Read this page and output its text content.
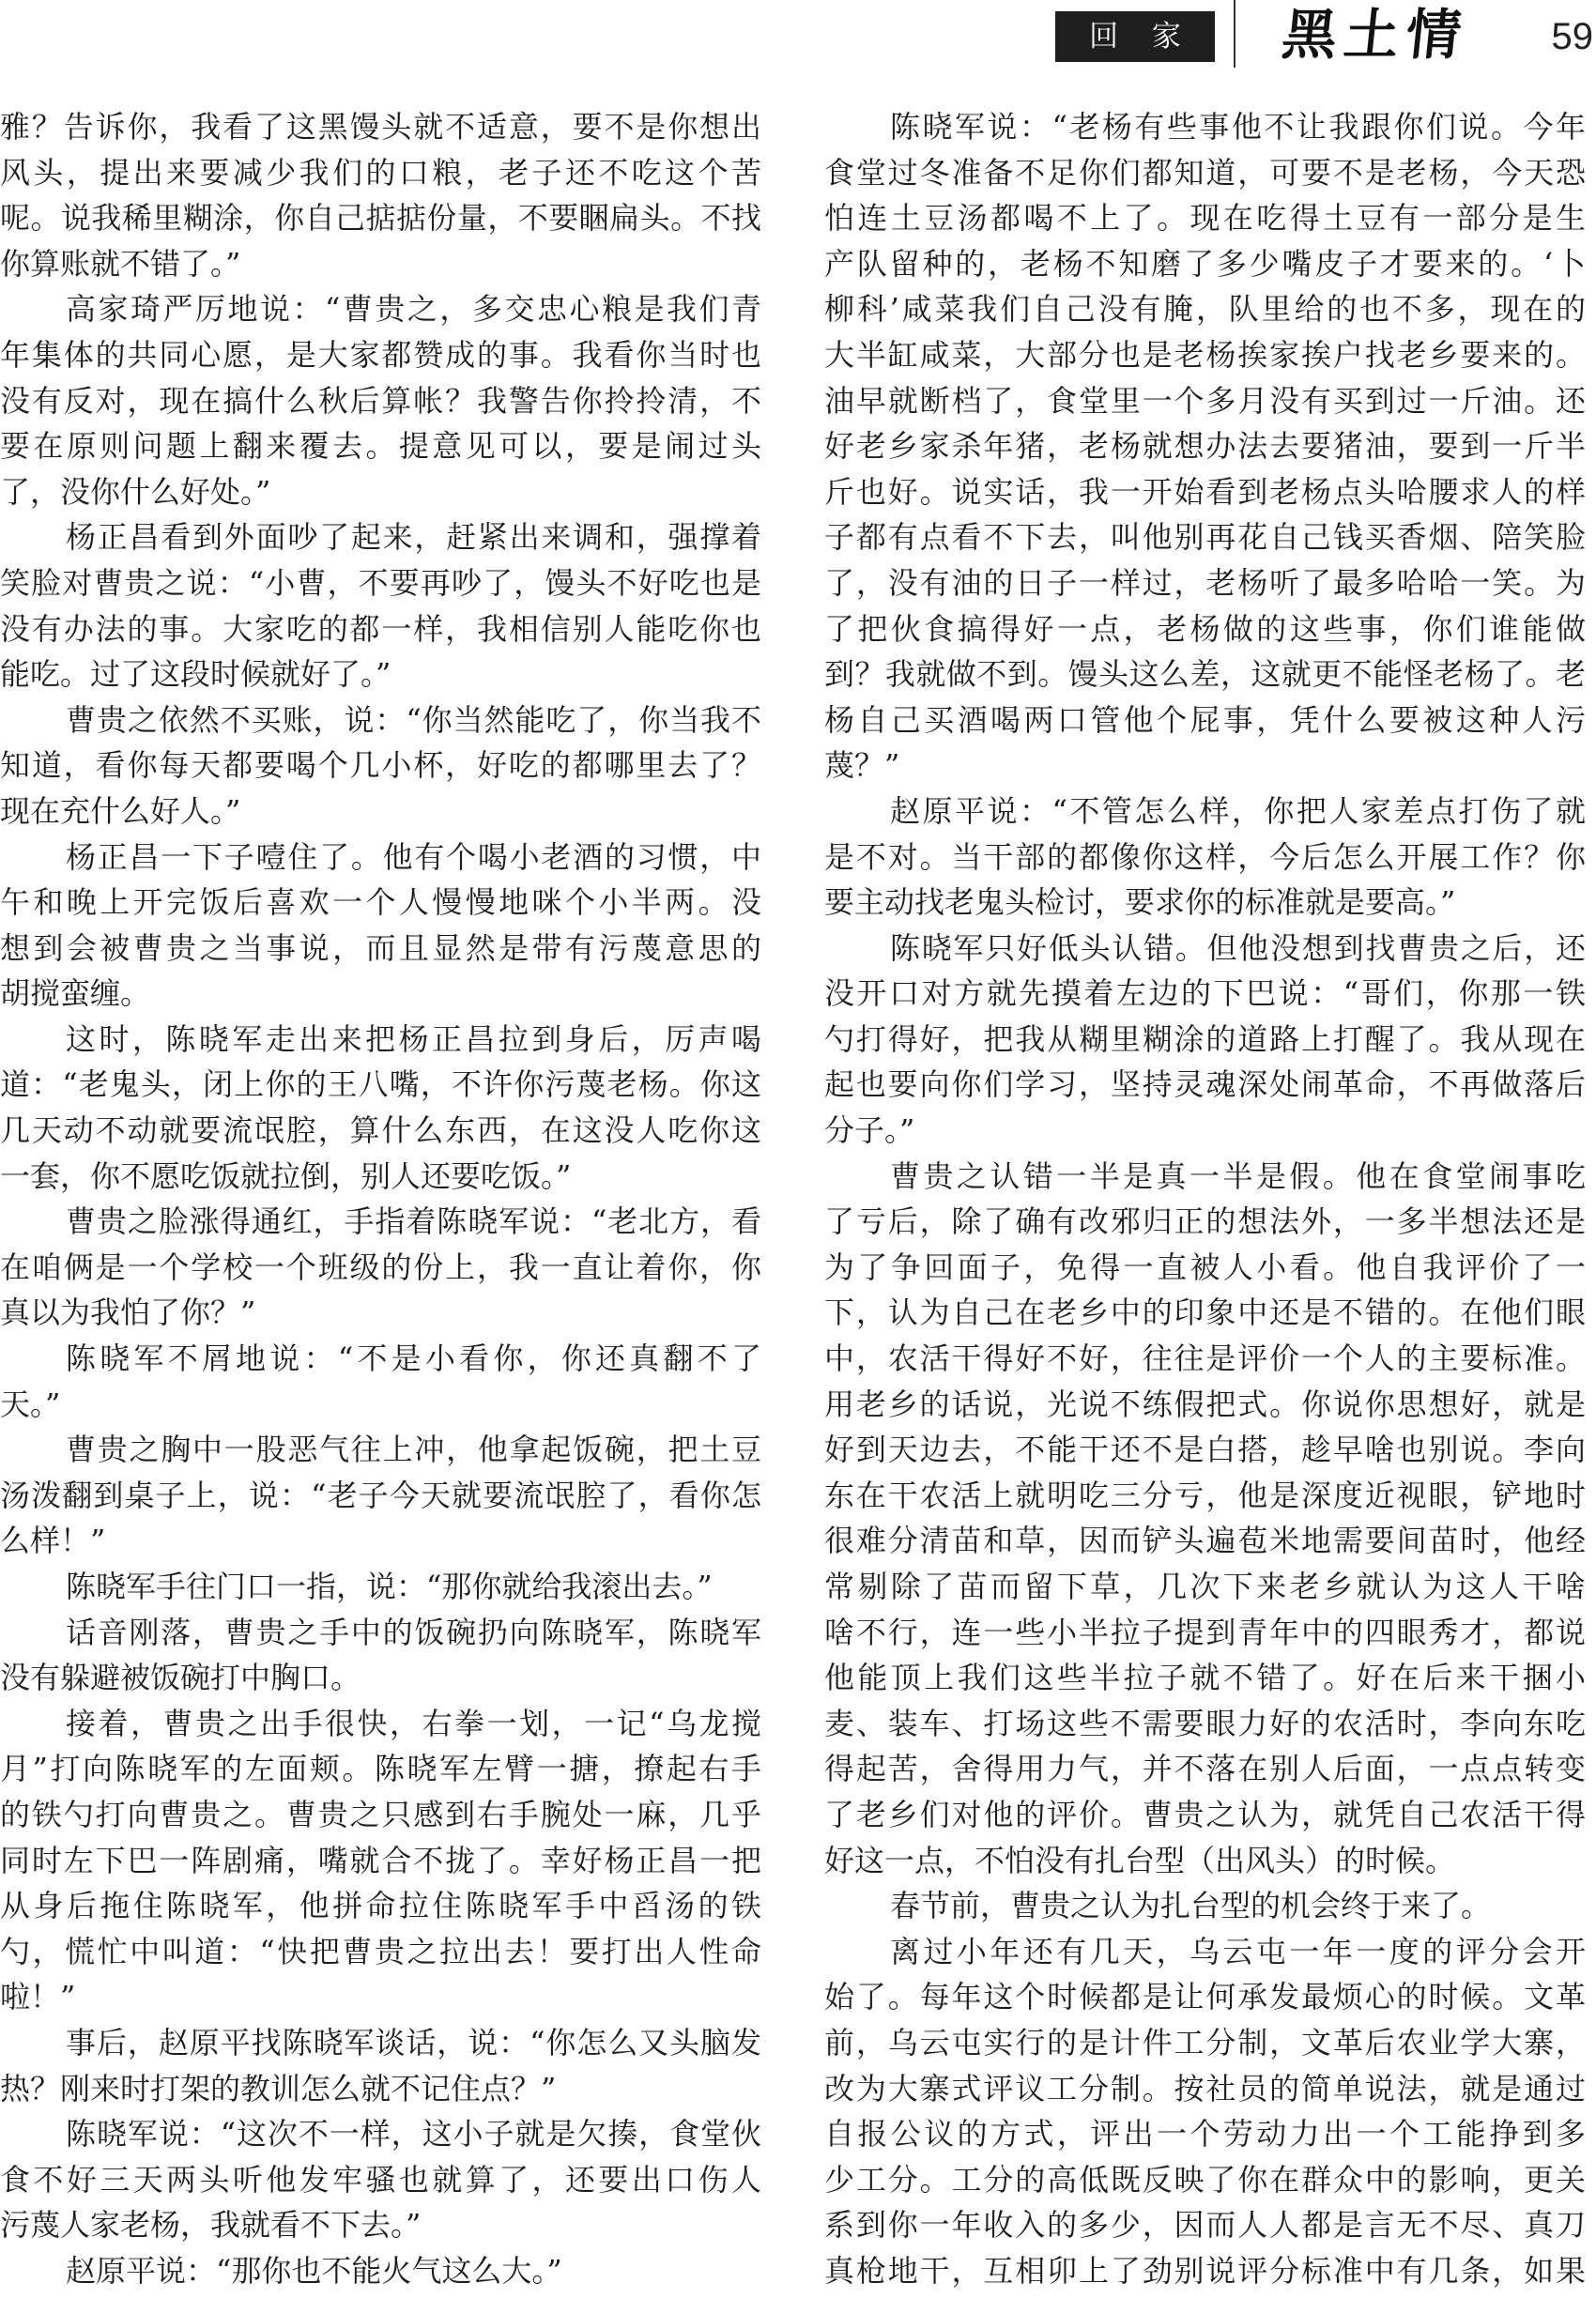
回 家	黑土情 59
雅？告诉你，我看了这黑馒头就不适意，要不是你想出
风头，提出来要减少我们的口粮，老子还不吃这个苦
呢。说我稀里糊涂，你自己掂掂份量，不要睏扁头。不找
你算账就不错了。”
高家琦严厉地说：“曹贵之，多交忠心粮是我们青
年集体的共同心愿，是大家都赞成的事。我看你当时也
没有反对，现在搞什么秋后算帐？我警告你拎拎清，不
要在原则问题上翻来覆去。提意见可以，要是闹过头
了，没你什么好处。”
杨正昌看到外面吵了起来，赶紧出来调和，强撑着
笑脸对曹贵之说：“小曹，不要再吵了，馒头不好吃也是
没有办法的事。大家吃的都一样，我相信别人能吃你也
能吃。过了这段时候就好了。”
曹贵之依然不买账，说：“你当然能吃了，你当我不
知道，看你每天都要喝个几小杯，好吃的都哪里去了？
现在充什么好人。”
杨正昌一下子噎住了。他有个喝小老酒的习惯，中
午和晚上开完饭后喜欢一个人慢慢地咪个小半两。没
想到会被曹贵之当事说，而且显然是带有污蔑意思的
胡搅蛮缠。
这时，陈晓军走出来把杨正昌拉到身后，厉声喝
道：“老鬼头，闭上你的王八嘴，不许你污蔑老杨。你这
几天动不动就要流氓腔，算什么东西，在这没人吃你这
一套，你不愿吃饭就拉倒，别人还要吃饭。”
曹贵之脸涨得通红，手指着陈晓军说：“老北方，看
在咱俩是一个学校一个班级的份上，我一直让着你，你
真以为我怕了你？”
陈晓军不屑地说：“不是小看你，你还真翻不了
天。”
曹贵之胸中一股恶气往上冲，他拿起饭碗，把土豆
汤泼翻到桌子上，说：“老子今天就要流氓腔了，看你怎
么样！”
陈晓军手往门口一指，说：“那你就给我滚出去。”
话音刚落，曹贵之手中的饭碗扔向陈晓军，陈晓军
没有躲避被饭碗打中胸口。
接着，曹贵之出手很快，右拳一划，一记“乌龙搅
月”打向陈晓军的左面颊。陈晓军左臂一搪，撩起右手
的铁勺打向曹贵之。曹贵之只感到右手腕处一麻，几乎
同时左下巴一阵剧痛，嘴就合不拢了。幸好杨正昌一把
从身后拖住陈晓军，他拼命拉住陈晓军手中舀汤的铁
勺，慌忙中叫道：“快把曹贵之拉出去！要打出人性命
啦！”
事后，赵原平找陈晓军谈话，说：“你怎么又头脑发
热？刚来时打架的教训怎么就不记住点？”
陈晓军说：“这次不一样，这小子就是欠揍，食堂伙
食不好三天两头听他发牢骚也就算了，还要出口伤人
污蔑人家老杨，我就看不下去。”
赵原平说：“那你也不能火气这么大。”
陈晓军说：“老杨有些事他不让我跟你们说。今年
食堂过冬准备不足你们都知道，可要不是老杨，今天恐
怕连土豆汤都喝不上了。现在吃得土豆有一部分是生
产队留种的，老杨不知磨了多少嘴皮子才要来的。‘卜
柳科’咸菜我们自己没有腌，队里给的也不多，现在的
大半缸咸菜，大部分也是老杨挨家挨户找老乡要来的。
油早就断档了，食堂里一个多月没有买到过一斤油。还
好老乡家杀年猪，老杨就想办法去要猪油，要到一斤半
斤也好。说实话，我一开始看到老杨点头哈腰求人的样
子都有点看不下去，叫他别再花自己钱买香烟、陪笑脸
了，没有油的日子一样过，老杨听了最多哈哈一笑。为
了把伙食搞得好一点，老杨做的这些事，你们谁能做
到？我就做不到。馒头这么差，这就更不能怪老杨了。老
杨自己买酒喝两口管他个屁事，凭什么要被这种人污
蔑？”
赵原平说：“不管怎么样，你把人家差点打伤了就
是不对。当干部的都像你这样，今后怎么开展工作？你
要主动找老鬼头检讨，要求你的标准就是要高。”
陈晓军只好低头认错。但他没想到找曹贵之后，还
没开口对方就先摸着左边的下巴说：“哥们，你那一铁
勺打得好，把我从糊里糊涂的道路上打醒了。我从现在
起也要向你们学习，坚持灵魂深处闹革命，不再做落后
分子。”
曹贵之认错一半是真一半是假。他在食堂闹事吃
了亏后，除了确有改邪归正的想法外，一多半想法还是
为了争回面子，免得一直被人小看。他自我评价了一
下，认为自己在老乡中的印象中还是不错的。在他们眼
中，农活干得好不好，往往是评价一个人的主要标准。
用老乡的话说，光说不练假把式。你说你思想好，就是
好到天边去，不能干还不是白搭，趁早啥也别说。李向
东在干农活上就明吃三分亏，他是深度近视眼，铲地时
很难分清苗和草，因而铲头遍苞米地需要间苗时，他经
常剔除了苗而留下草，几次下来老乡就认为这人干啥
啥不行，连一些小半拉子提到青年中的四眼秀才，都说
他能顶上我们这些半拉子就不错了。好在后来干捆小
麦、装车、打场这些不需要眼力好的农活时，李向东吃
得起苦，舍得用力气，并不落在别人后面，一点点转变
了老乡们对他的评价。曹贵之认为，就凭自己农活干得
好这一点，不怕没有扎台型（出风头）的时候。
春节前，曹贵之认为扎台型的机会终于来了。
离过小年还有几天，乌云屯一年一度的评分会开
始了。每年这个时候都是让何承发最烦心的时候。文革
前，乌云屯实行的是计件工分制，文革后农业学大寨，
改为大寨式评议工分制。按社员的简单说法，就是通过
自报公议的方式，评出一个劳动力出一个工能挣到多
少工分。工分的高低既反映了你在群众中的影响，更关
系到你一年收入的多少，因而人人都是言无不尽、真刀
真枪地干，互相卯上了劲别说评分标准中有几条，如果
